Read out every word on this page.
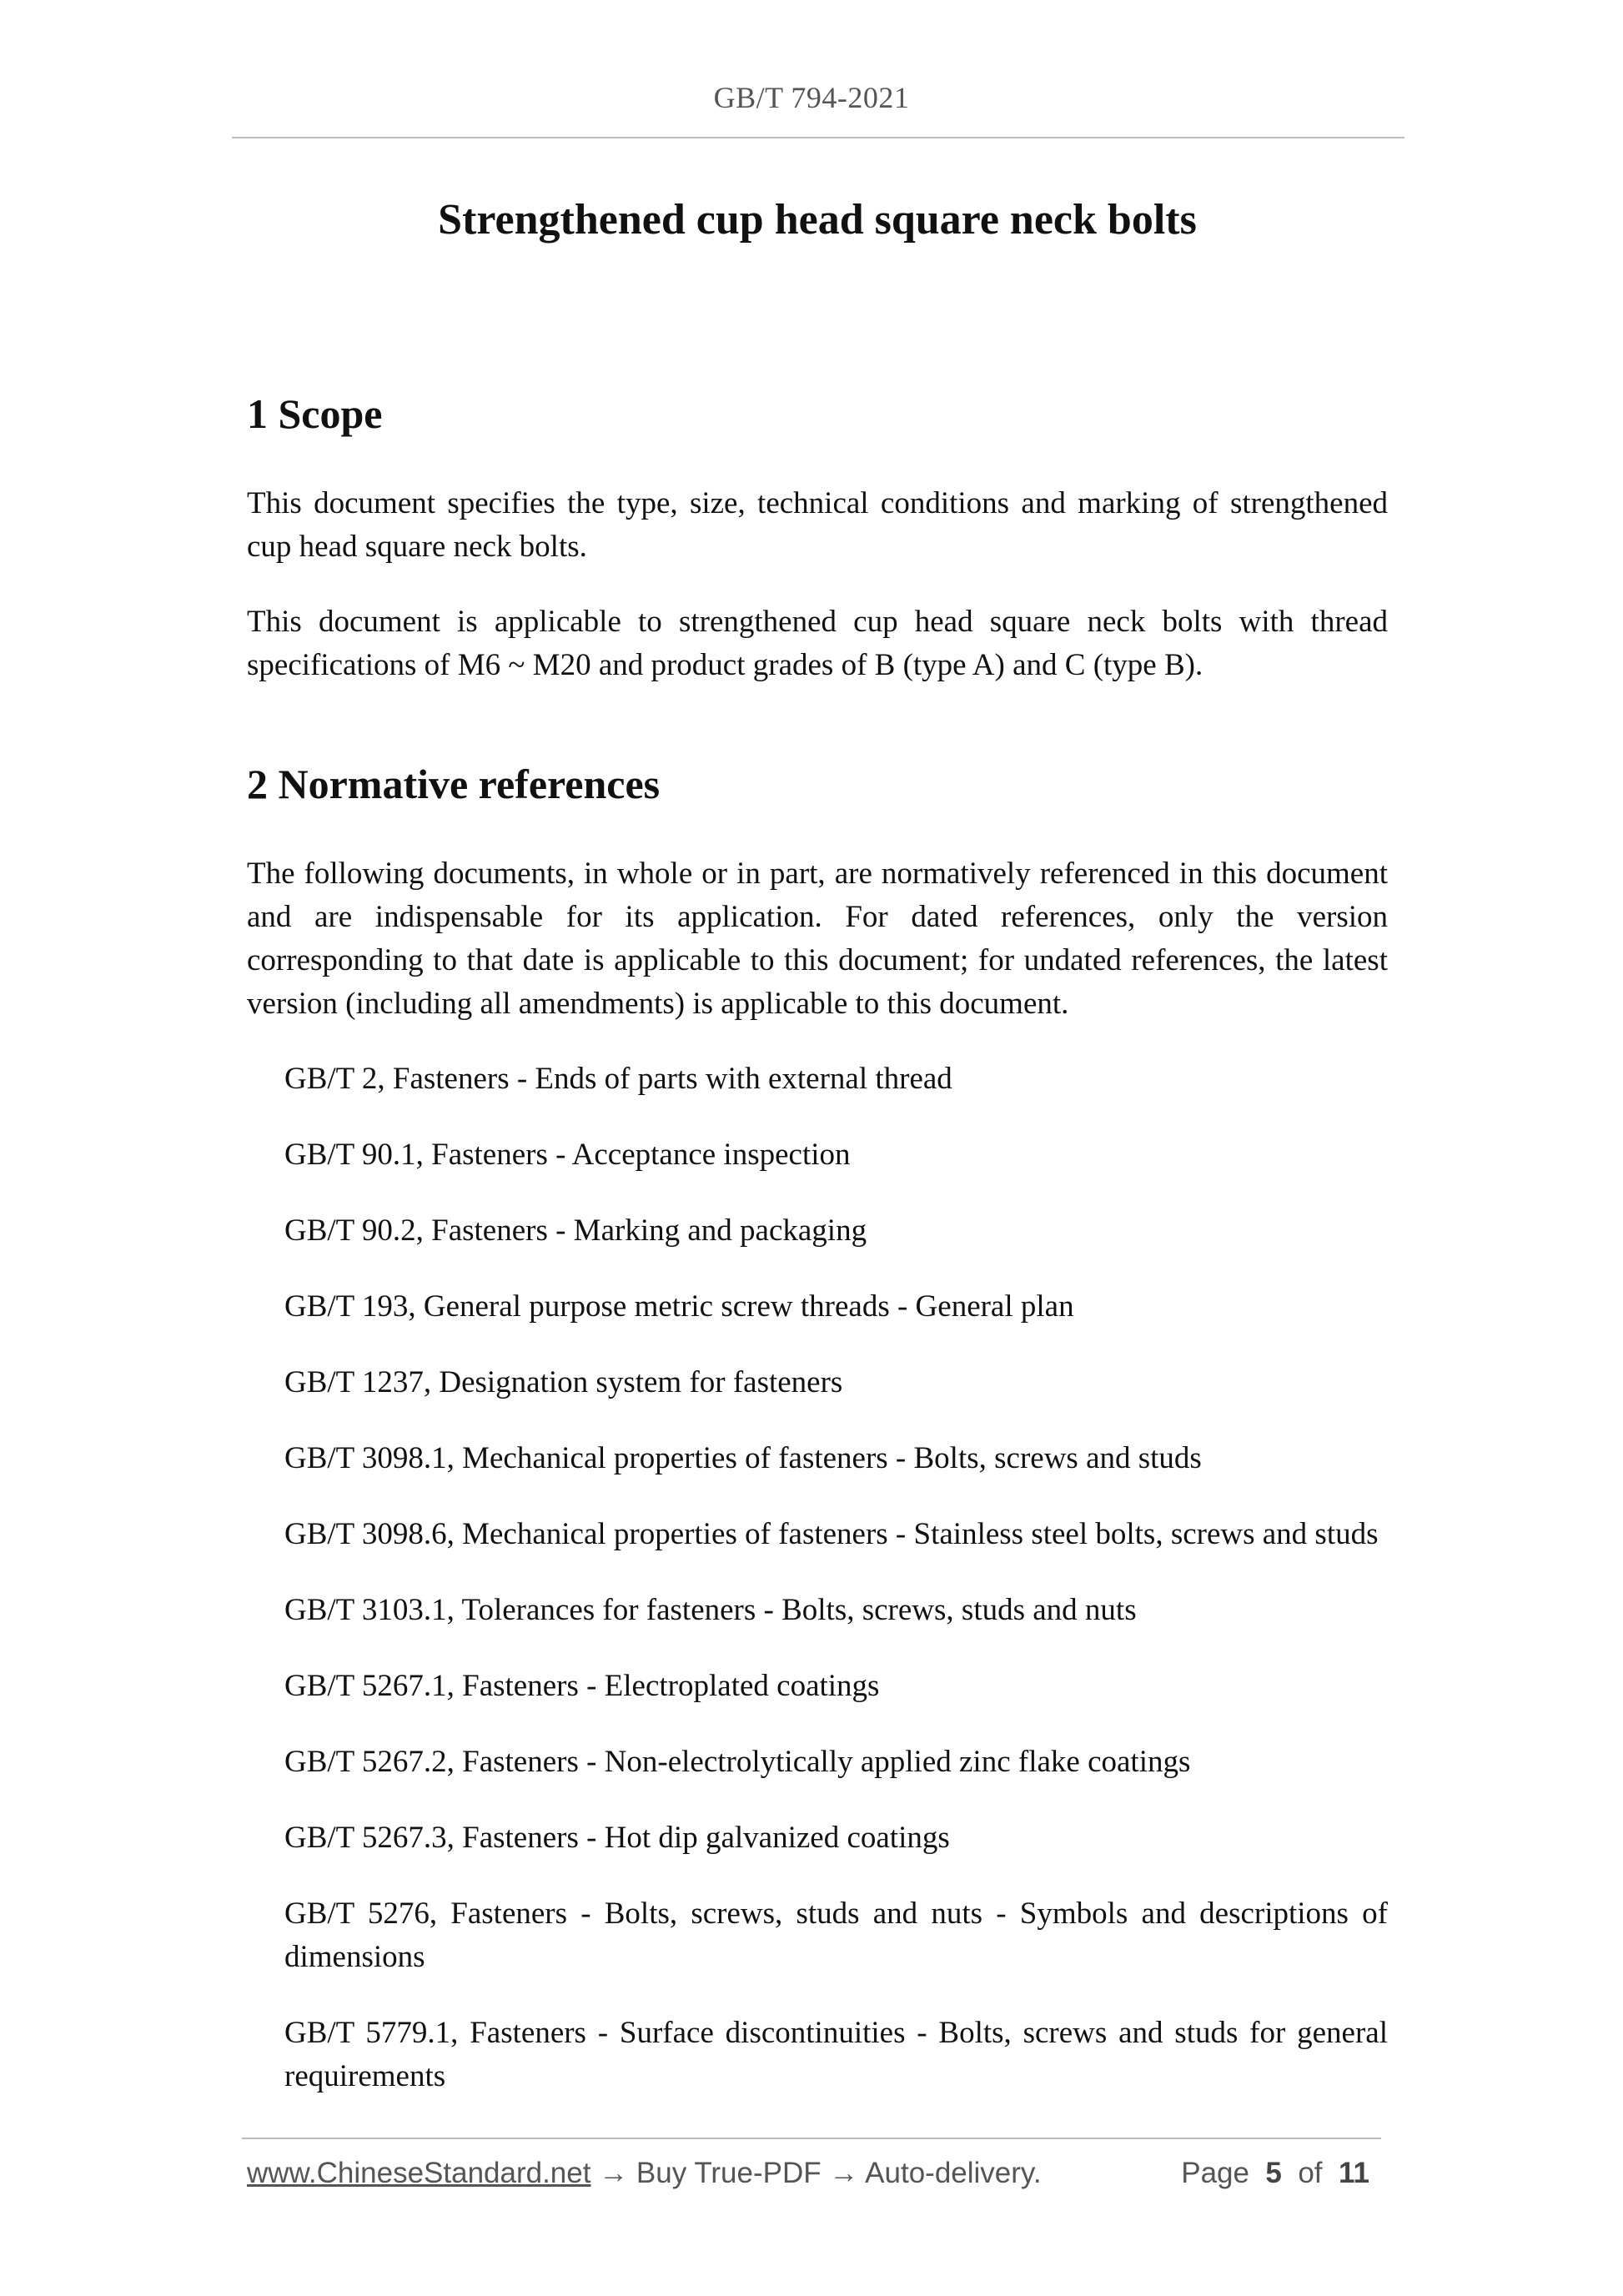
GB/T 794-2021
Strengthened cup head square neck bolts
1 Scope

This document specifies the type, size, technical conditions and marking of strengthened cup head square neck bolts.

This document is applicable to strengthened cup head square neck bolts with thread specifications of M6 ~ M20 and product grades of B (type A) and C (type B).

2 Normative references

The following documents, in whole or in part, are normatively referenced in this document and are indispensable for its application. For dated references, only the version corresponding to that date is applicable to this document; for undated references, the latest version (including all amendments) is applicable to this document.

GB/T 2, Fasteners - Ends of parts with external thread
GB/T 90.1, Fasteners - Acceptance inspection
GB/T 90.2, Fasteners - Marking and packaging
GB/T 193, General purpose metric screw threads - General plan
GB/T 1237, Designation system for fasteners
GB/T 3098.1, Mechanical properties of fasteners - Bolts, screws and studs
GB/T 3098.6, Mechanical properties of fasteners - Stainless steel bolts, screws and studs
GB/T 3103.1, Tolerances for fasteners - Bolts, screws, studs and nuts
GB/T 5267.1, Fasteners - Electroplated coatings
GB/T 5267.2, Fasteners - Non-electrolytically applied zinc flake coatings
GB/T 5267.3, Fasteners - Hot dip galvanized coatings
GB/T 5276, Fasteners - Bolts, screws, studs and nuts - Symbols and descriptions of dimensions
GB/T 5779.1, Fasteners - Surface discontinuities - Bolts, screws and studs for general requirements
www.ChineseStandard.net → Buy True-PDF → Auto-delivery.	Page 5 of 11
